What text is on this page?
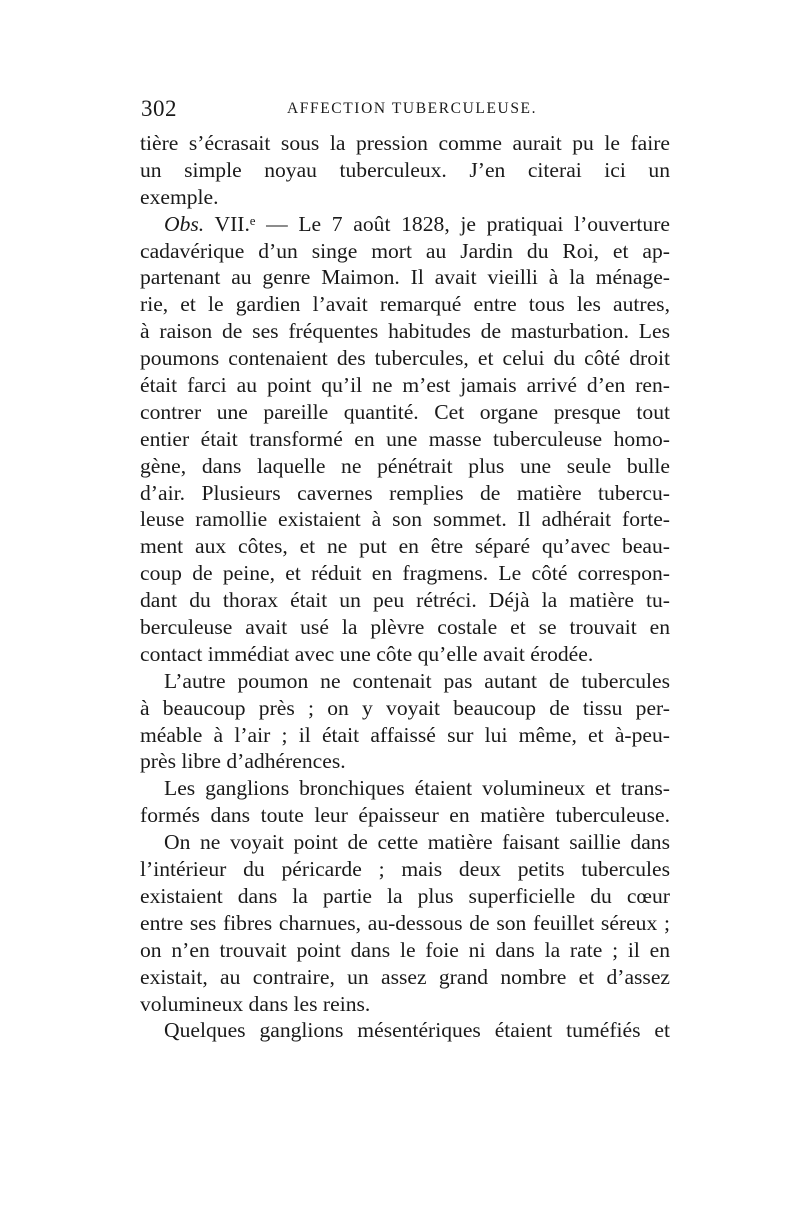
302	AFFECTION TUBERCULEUSE.
tière s’écrasait sous la pression comme aurait pu le faire
un simple noyau tuberculeux. J’en citerai ici un
exemple.
Obs. VII.ᵉ — Le 7 août 1828, je pratiquai l’ouverture
cadavérique d’un singe mort au Jardin du Roi, et ap-
partenant au genre Maimon. Il avait vieilli à la ménage-
rie, et le gardien l’avait remarqué entre tous les autres,
à raison de ses fréquentes habitudes de masturbation. Les
poumons contenaient des tubercules, et celui du côté droit
était farci au point qu’il ne m’est jamais arrivé d’en ren-
contrer une pareille quantité. Cet organe presque tout
entier était transformé en une masse tuberculeuse homo-
gène, dans laquelle ne pénétrait plus une seule bulle
d’air. Plusieurs cavernes remplies de matière tubercu-
leuse ramollie existaient à son sommet. Il adhérait forte-
ment aux côtes, et ne put en être séparé qu’avec beau-
coup de peine, et réduit en fragmens. Le côté correspon-
dant du thorax était un peu rétréci. Déjà la matière tu-
berculeuse avait usé la plèvre costale et se trouvait en
contact immédiat avec une côte qu’elle avait érodée.
L’autre poumon ne contenait pas autant de tubercules
à beaucoup près ; on y voyait beaucoup de tissu per-
méable à l’air ; il était affaissé sur lui même, et à-peu-
près libre d’adhérences.
Les ganglions bronchiques étaient volumineux et trans-
formés dans toute leur épaisseur en matière tuberculeuse.
On ne voyait point de cette matière faisant saillie dans
l’intérieur du péricarde ; mais deux petits tubercules
existaient dans la partie la plus superficielle du cœur
entre ses fibres charnues, au-dessous de son feuillet séreux ;
on n’en trouvait point dans le foie ni dans la rate ; il en
existait, au contraire, un assez grand nombre et d’assez
volumineux dans les reins.
Quelques ganglions mésentériques étaient tuméfiés et
